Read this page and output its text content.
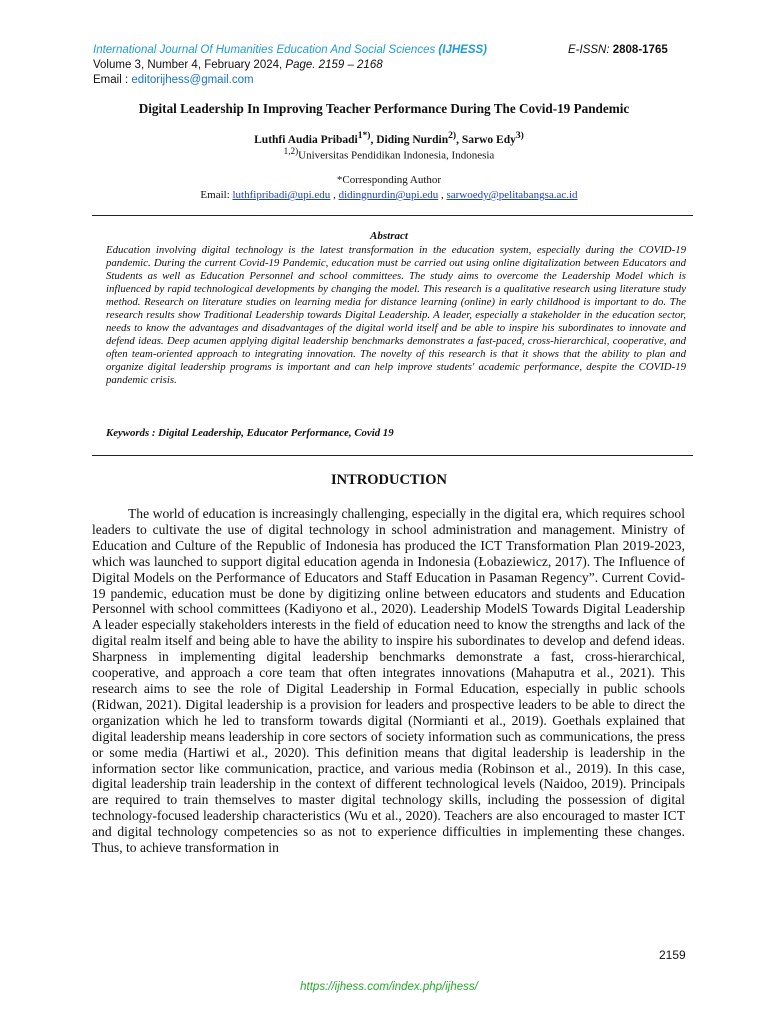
International Journal Of Humanities Education And Social Sciences (IJHESS)	E-ISSN: 2808-1765
Volume 3, Number 4, February 2024, Page. 2159 – 2168
Email : editorijhess@gmail.com
Digital Leadership In Improving Teacher Performance During The Covid-19 Pandemic
Luthfi Audia Pribadi$^{1*)}$, Diding Nurdin$^{2)}$, Sarwo Edy$^{3)}$
$^{1,2)}$Universitas Pendidikan Indonesia, Indonesia
*Corresponding Author
Email: luthfipribadi@upi.edu , didingnurdin@upi.edu , sarwoedy@pelitabangsa.ac.id
Abstract
Education involving digital technology is the latest transformation in the education system, especially during the COVID-19 pandemic. During the current Covid-19 Pandemic, education must be carried out using online digitalization between Educators and Students as well as Education Personnel and school committees. The study aims to overcome the Leadership Model which is influenced by rapid technological developments by changing the model. This research is a qualitative research using literature study method. Research on literature studies on learning media for distance learning (online) in early childhood is important to do. The research results show Traditional Leadership towards Digital Leadership. A leader, especially a stakeholder in the education sector, needs to know the advantages and disadvantages of the digital world itself and be able to inspire his subordinates to innovate and defend ideas. Deep acumen applying digital leadership benchmarks demonstrates a fast-paced, cross-hierarchical, cooperative, and often team-oriented approach to integrating innovation. The novelty of this research is that it shows that the ability to plan and organize digital leadership programs is important and can help improve students' academic performance, despite the COVID-19 pandemic crisis.
Keywords : Digital Leadership, Educator Performance, Covid 19
INTRODUCTION
The world of education is increasingly challenging, especially in the digital era, which requires school leaders to cultivate the use of digital technology in school administration and management. Ministry of Education and Culture of the Republic of Indonesia has produced the ICT Transformation Plan 2019-2023, which was launched to support digital education agenda in Indonesia (Łobaziewicz, 2017). The Influence of Digital Models on the Performance of Educators and Staff Education in Pasaman Regency”. Current Covid-19 pandemic, education must be done by digitizing online between educators and students and Education Personnel with school committees (Kadiyono et al., 2020). Leadership ModelS Towards Digital Leadership A leader especially stakeholders interests in the field of education need to know the strengths and lack of the digital realm itself and being able to have the ability to inspire his subordinates to develop and defend ideas. Sharpness in implementing digital leadership benchmarks demonstrate a fast, cross-hierarchical, cooperative, and approach a core team that often integrates innovations (Mahaputra et al., 2021). This research aims to see the role of Digital Leadership in Formal Education, especially in public schools (Ridwan, 2021). Digital leadership is a provision for leaders and prospective leaders to be able to direct the organization which he led to transform towards digital (Normianti et al., 2019). Goethals explained that digital leadership means leadership in core sectors of society information such as communications, the press or some media (Hartiwi et al., 2020). This definition means that digital leadership is leadership in the information sector like communication, practice, and various media (Robinson et al., 2019). In this case, digital leadership train leadership in the context of different technological levels (Naidoo, 2019). Principals are required to train themselves to master digital technology skills, including the possession of digital technology-focused leadership characteristics (Wu et al., 2020). Teachers are also encouraged to master ICT and digital technology competencies so as not to experience difficulties in implementing these changes. Thus, to achieve transformation in
2159
https://ijhess.com/index.php/ijhess/
